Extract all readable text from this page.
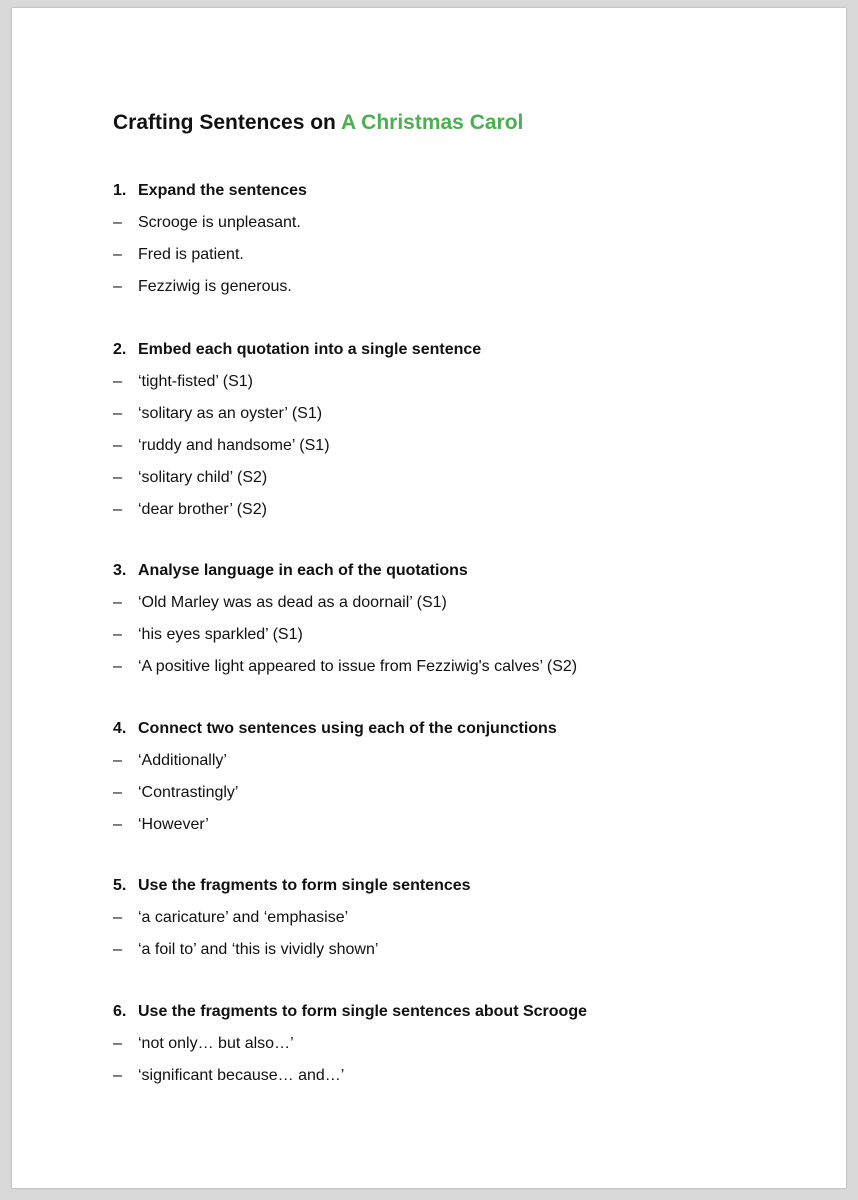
Crafting Sentences on A Christmas Carol
1. Expand the sentences
– Scrooge is unpleasant.
– Fred is patient.
– Fezziwig is generous.
2. Embed each quotation into a single sentence
– ‘tight-fisted’ (S1)
– ‘solitary as an oyster’ (S1)
– ‘ruddy and handsome’ (S1)
– ‘solitary child’ (S2)
– ‘dear brother’ (S2)
3. Analyse language in each of the quotations
– ‘Old Marley was as dead as a doornail’ (S1)
– ‘his eyes sparkled’ (S1)
– ‘A positive light appeared to issue from Fezziwig's calves’ (S2)
4. Connect two sentences using each of the conjunctions
– ‘Additionally’
– ‘Contrastingly’
– ‘However’
5. Use the fragments to form single sentences
– ‘a caricature’ and ‘emphasise’
– ‘a foil to’ and ‘this is vividly shown’
6. Use the fragments to form single sentences about Scrooge
– ‘not only… but also…’
– ‘significant because… and…’
